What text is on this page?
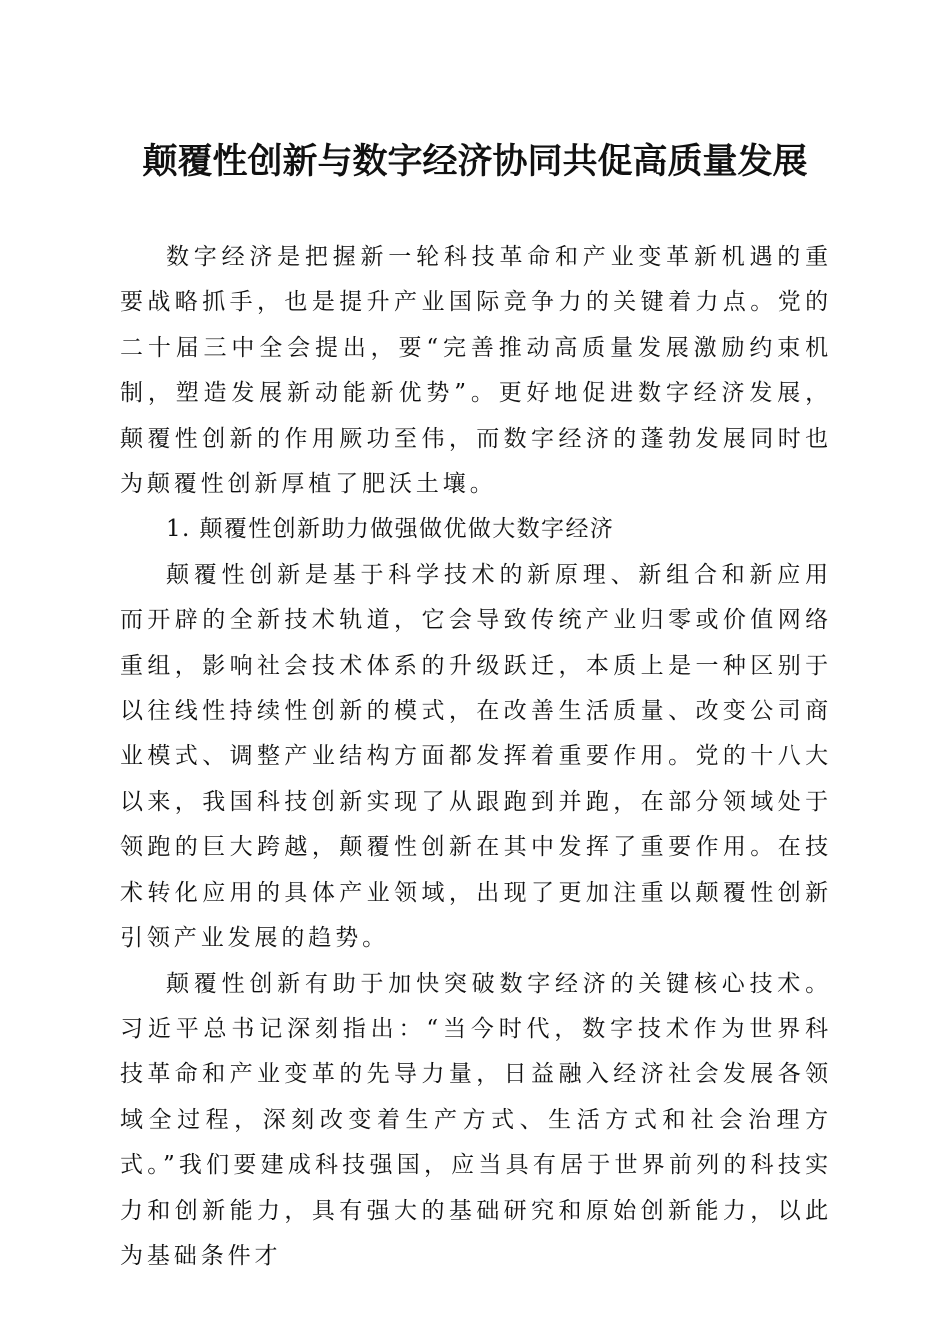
颠覆性创新与数字经济协同共促高质量发展

数字经济是把握新一轮科技革命和产业变革新机遇的重要战略抓手，也是提升产业国际竞争力的关键着力点。党的二十届三中全会提出，要“完善推动高质量发展激励约束机制，塑造发展新动能新优势”。更好地促进数字经济发展，颠覆性创新的作用厥功至伟，而数字经济的蓬勃发展同时也为颠覆性创新厚植了肥沃土壤。

1. 颠覆性创新助力做强做优做大数字经济

颠覆性创新是基于科学技术的新原理、新组合和新应用而开辟的全新技术轨道，它会导致传统产业归零或价值网络重组，影响社会技术体系的升级跃迁，本质上是一种区别于以往线性持续性创新的模式，在改善生活质量、改变公司商业模式、调整产业结构方面都发挥着重要作用。党的十八大以来，我国科技创新实现了从跟跑到并跑，在部分领域处于领跑的巨大跨越，颠覆性创新在其中发挥了重要作用。在技术转化应用的具体产业领域，出现了更加注重以颠覆性创新引领产业发展的趋势。

颠覆性创新有助于加快突破数字经济的关键核心技术。习近平总书记深刻指出：“当今时代，数字技术作为世界科技革命和产业变革的先导力量，日益融入经济社会发展各领域全过程，深刻改变着生产方式、生活方式和社会治理方式。”我们要建成科技强国，应当具有居于世界前列的科技实力和创新能力，具有强大的基础研究和原始创新能力，以此为基础条件才
